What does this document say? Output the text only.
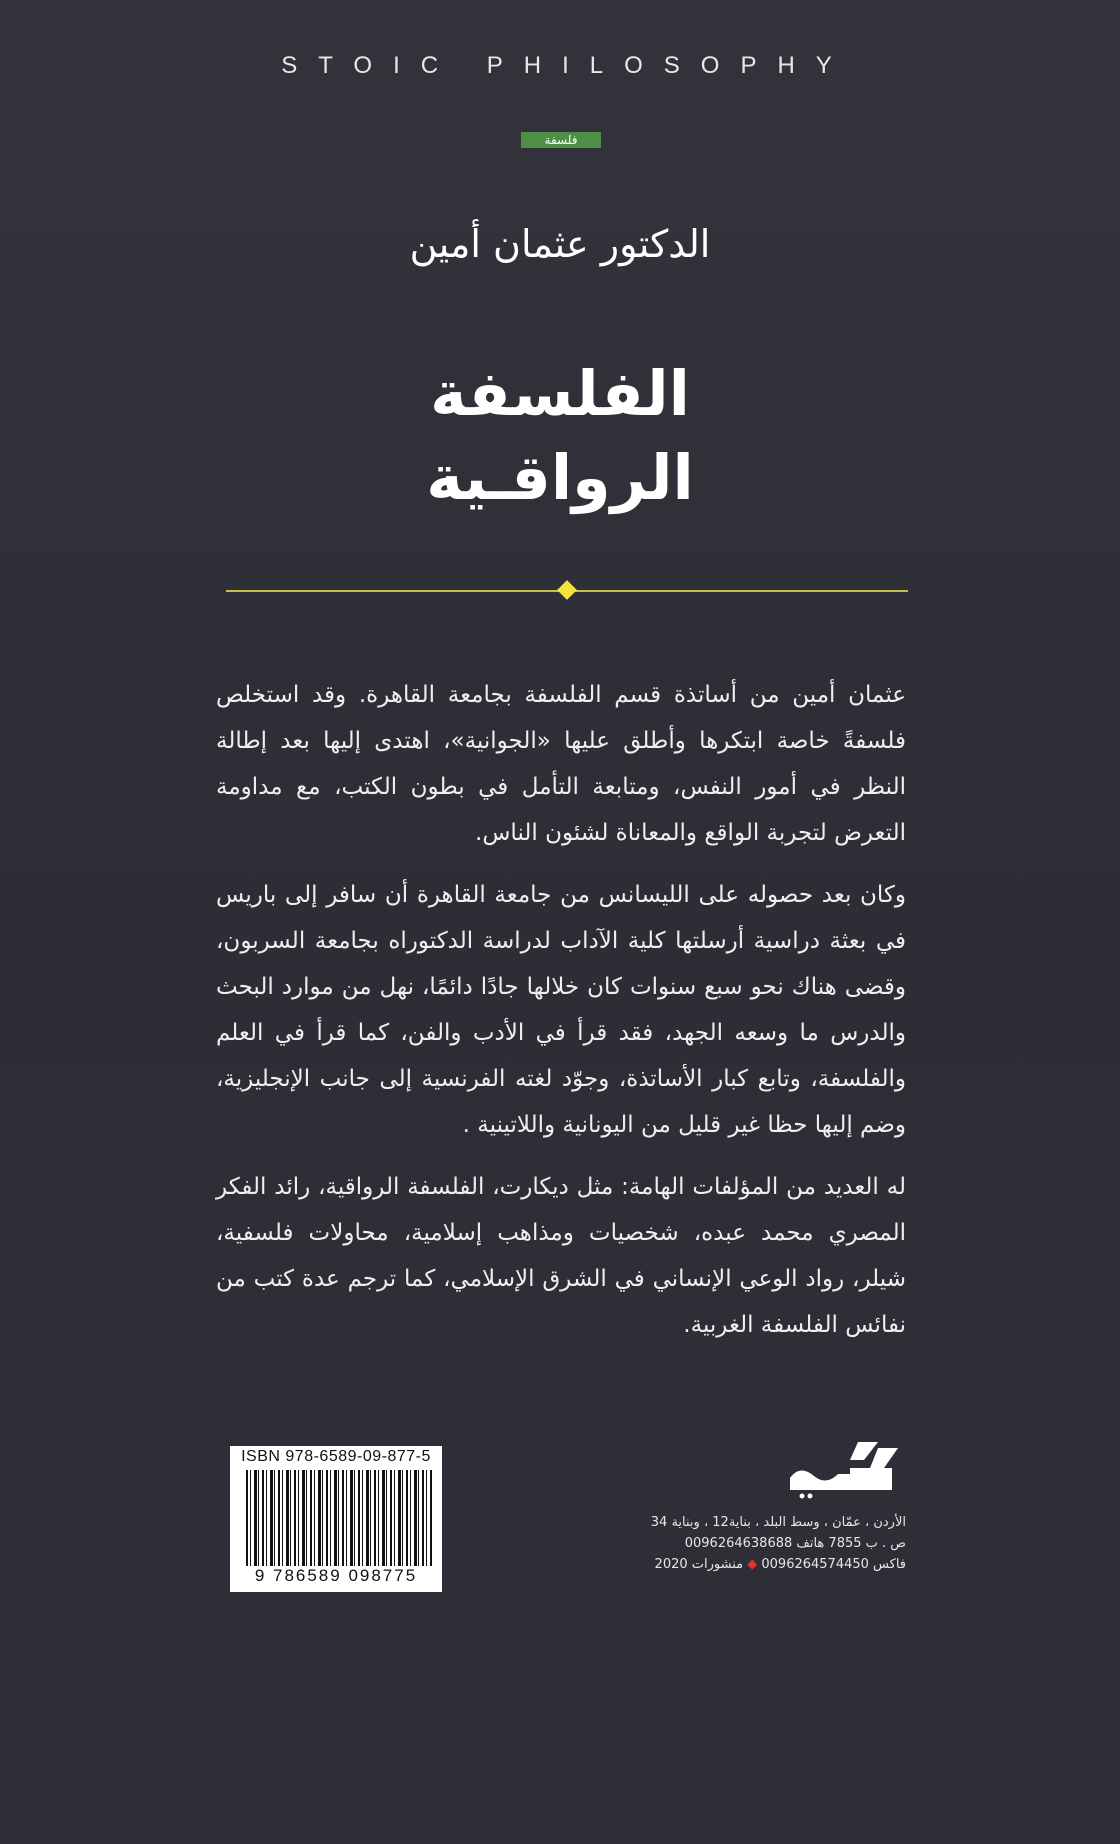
STOIC PHILOSOPHY
فلسفة
الدكتور عثمان أمين
الفلسفة
الرواقـية

عثمان أمين من أساتذة قسم الفلسفة بجامعة القاهرة. وقد استخلص فلسفةً خاصة ابتكرها وأطلق عليها «الجوانية»، اهتدى إليها بعد إطالة النظر في أمور النفس، ومتابعة التأمل في بطون الكتب، مع مداومة التعرض لتجربة الواقع والمعاناة لشئون الناس.

وكان بعد حصوله على الليسانس من جامعة القاهرة أن سافر إلى باريس في بعثة دراسية أرسلتها كلية الآداب لدراسة الدكتوراه بجامعة السربون، وقضى هناك نحو سبع سنوات كان خلالها جادًا دائمًا، نهل من موارد البحث والدرس ما وسعه الجهد، فقد قرأ في الأدب والفن، كما قرأ في العلم والفلسفة، وتابع كبار الأساتذة، وجوّد لغته الفرنسية إلى جانب الإنجليزية، وضم إليها حظا غير قليل من اليونانية واللاتينية .

له العديد من المؤلفات الهامة: مثل ديكارت، الفلسفة الرواقية، رائد الفكر المصري محمد عبده، شخصيات ومذاهب إسلامية، محاولات فلسفية، شيلر، رواد الوعي الإنساني في الشرق الإسلامي، كما ترجم عدة كتب من نفائس الفلسفة الغربية.

ISBN 978-6589-09-877-5
9 786589 098775
الأردن ، عمّان ، وسط البلد ، بناية12 ، وبناية 34
ص . ب 7855 هاتف 0096264638688
فاكس 0096264574450 ◆ منشورات 2020
